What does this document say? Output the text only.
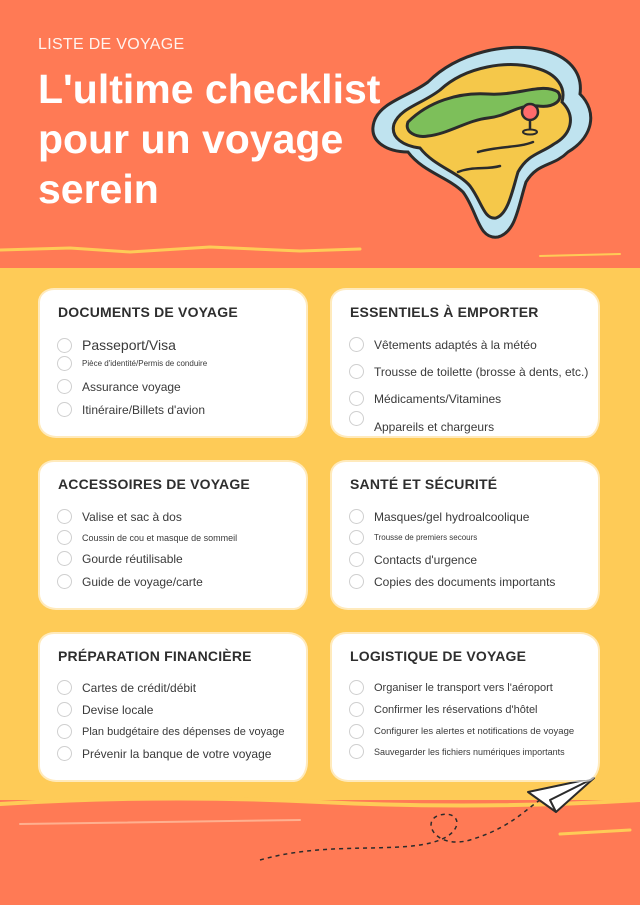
LISTE DE VOYAGE
L'ultime checklist pour un voyage serein
DOCUMENTS DE VOYAGE
Passeport/Visa
Pièce d'identité/Permis de conduire
Assurance voyage
Itinéraire/Billets d'avion
ESSENTIELS À EMPORTER
Vêtements adaptés à la météo
Trousse de toilette (brosse à dents, etc.)
Médicaments/Vitamines
Appareils et chargeurs
ACCESSOIRES DE VOYAGE
Valise et sac à dos
Coussin de cou et masque de sommeil
Gourde réutilisable
Guide de voyage/carte
SANTÉ ET SÉCURITÉ
Masques/gel hydroalcoolique
Trousse de premiers secours
Contacts d'urgence
Copies des documents importants
PRÉPARATION FINANCIÈRE
Cartes de crédit/débit
Devise locale
Plan budgétaire des dépenses de voyage
Prévenir la banque de votre voyage
LOGISTIQUE DE VOYAGE
Organiser le transport vers l'aéroport
Confirmer les réservations d'hôtel
Configurer les alertes et notifications de voyage
Sauvegarder les fichiers numériques importants
